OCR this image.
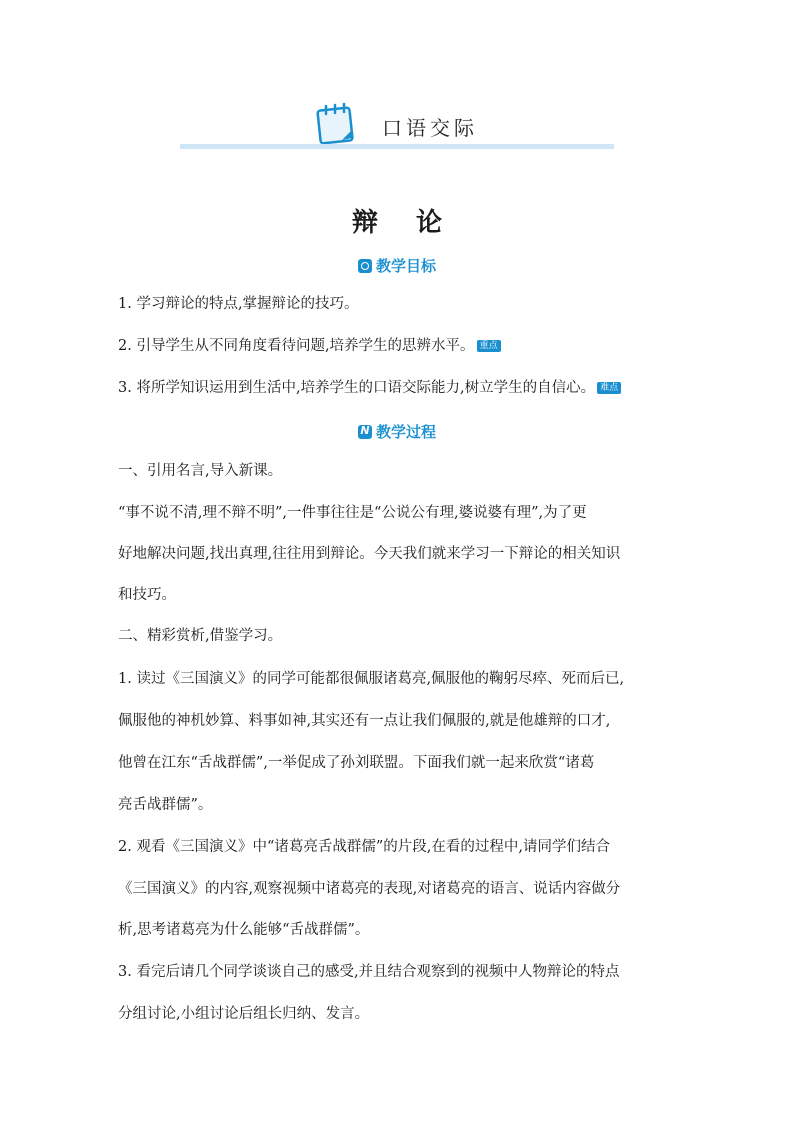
口语交际
辩论
教学目标
1. 学习辩论的特点,掌握辩论的技巧。
2. 引导学生从不同角度看待问题,培养学生的思辨水平。 重点
3. 将所学知识运用到生活中,培养学生的口语交际能力,树立学生的自信心。 难点
N教学过程
一、引用名言,导入新课。
“事不说不清,理不辩不明”,一件事往往是“公说公有理,婆说婆有理”,为了更
好地解决问题,找出真理,往往用到辩论。今天我们就来学习一下辩论的相关知识
和技巧。
二、精彩赏析,借鉴学习。
1. 读过《三国演义》的同学可能都很佩服诸葛亮,佩服他的鞠躬尽瘁、死而后已,
佩服他的神机妙算、料事如神,其实还有一点让我们佩服的,就是他雄辩的口才,
他曾在江东“舌战群儒”,一举促成了孙刘联盟。下面我们就一起来欣赏“诸葛
亮舌战群儒”。
2. 观看《三国演义》中“诸葛亮舌战群儒”的片段,在看的过程中,请同学们结合
《三国演义》的内容,观察视频中诸葛亮的表现,对诸葛亮的语言、说话内容做分
析,思考诸葛亮为什么能够“舌战群儒”。
3. 看完后请几个同学谈谈自己的感受,并且结合观察到的视频中人物辩论的特点
分组讨论,小组讨论后组长归纳、发言。
